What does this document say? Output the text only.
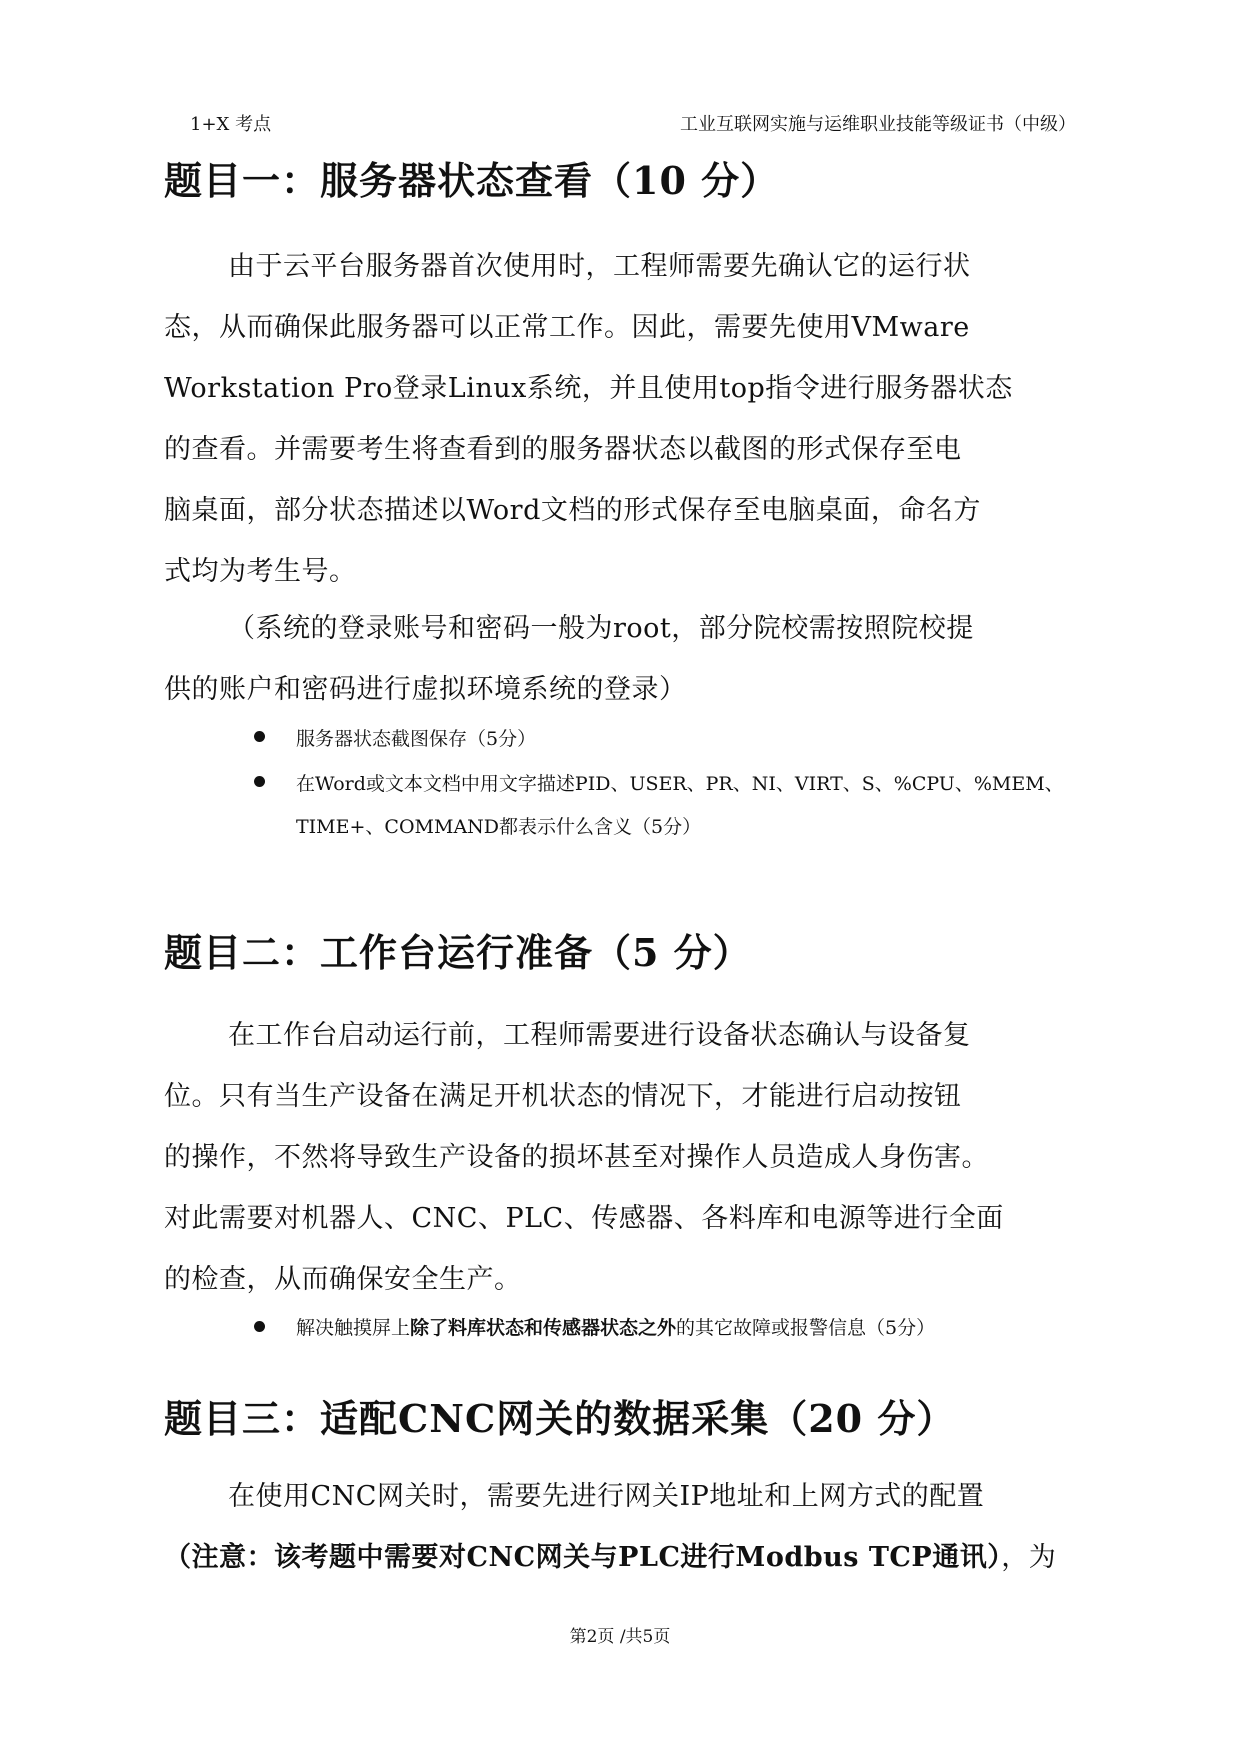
1+X 考点	工业互联网实施与运维职业技能等级证书（中级）
题目一：服务器状态查看（10 分）

由于云平台服务器首次使用时，工程师需要先确认它的运行状

态，从而确保此服务器可以正常工作。因此，需要先使用VMware

Workstation Pro登录Linux系统，并且使用top指令进行服务器状态

的查看。并需要考生将查看到的服务器状态以截图的形式保存至电

脑桌面，部分状态描述以Word文档的形式保存至电脑桌面，命名方

式均为考生号。

（系统的登录账号和密码一般为root，部分院校需按照院校提

供的账户和密码进行虚拟环境系统的登录）

服务器状态截图保存（5分）

在Word或文本文档中用文字描述PID、USER、PR、NI、VIRT、S、%CPU、%MEM、

TIME+、COMMAND都表示什么含义（5分）

题目二：工作台运行准备（5 分）

在工作台启动运行前，工程师需要进行设备状态确认与设备复

位。只有当生产设备在满足开机状态的情况下，才能进行启动按钮

的操作，不然将导致生产设备的损坏甚至对操作人员造成人身伤害。

对此需要对机器人、CNC、PLC、传感器、各料库和电源等进行全面

的检查，从而确保安全生产。

解决触摸屏上除了料库状态和传感器状态之外的其它故障或报警信息（5分）

题目三：适配CNC网关的数据采集（20 分）

在使用CNC网关时，需要先进行网关IP地址和上网方式的配置

（注意：该考题中需要对CNC网关与PLC进行Modbus TCP通讯），为

第2页 /共5页
